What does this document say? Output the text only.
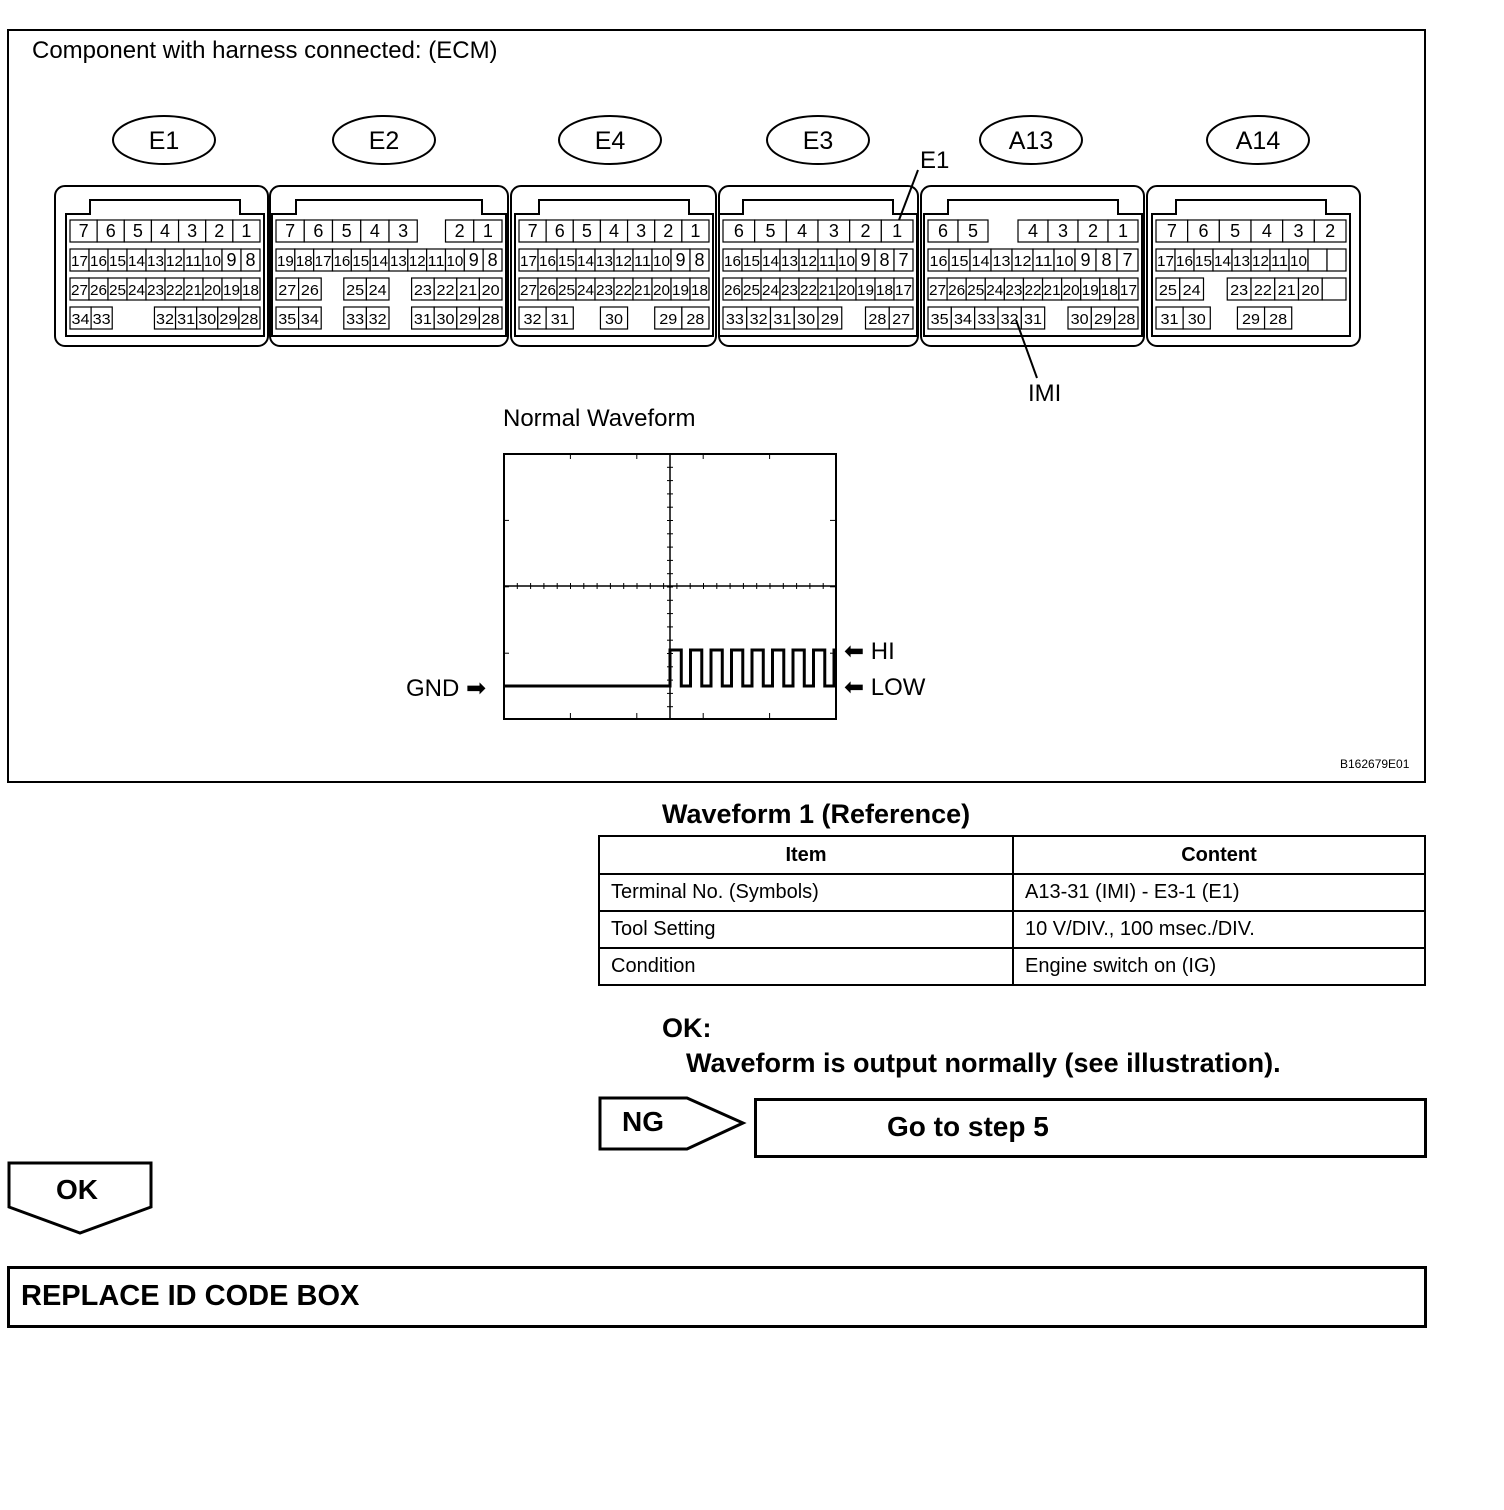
Component with harness connected: (ECM)
E1	E2	E4	E3	A13	A14
7 6 5 4 3 2 1
17 16 15 14 13 12 11 10 9 8
27 26 25 24 23 22 21 20 19 18
34 33	32 31 30 29 28
7 6 5 4 3	2 1
19 18 17 16 15 14 13 12 11 10 9 8
27 26 25 24 23 22 21 20
35 34 33 32 31 30 29 28
7 6 5 4 3 2 1
17 16 15 14 13 12 11 10 9 8
27 26 25 24 23 22 21 20 19 18
32 31 30 29 28
6 5 4 3 2 1
16 15 14 13 12 11 10 9 8 7
26 25 24 23 22 21 20 19 18 17
33 32 31 30 29 28 27
6 5	4 3 2 1
16 15 14 13 12 11 10 9 8 7
27 26 25 24 23 22 21 20 19 18 17
35 34 33 32 31 30 29 28
7 6 5 4 3 2
17 16 15 14 13 12 11 10
25 24 23 22 21 20
31 30 29 28
E1
IMI
Normal Waveform
GND ➡
⬅ HI
⬅ LOW
B162679E01
Waveform 1 (Reference)
Item	Content
Terminal No. (Symbols)	A13-31 (IMI) - E3-1 (E1)
Tool Setting	10 V/DIV., 100 msec./DIV.
Condition	Engine switch on (IG)
OK:
Waveform is output normally (see illustration).
NG	Go to step 5
OK
REPLACE ID CODE BOX
